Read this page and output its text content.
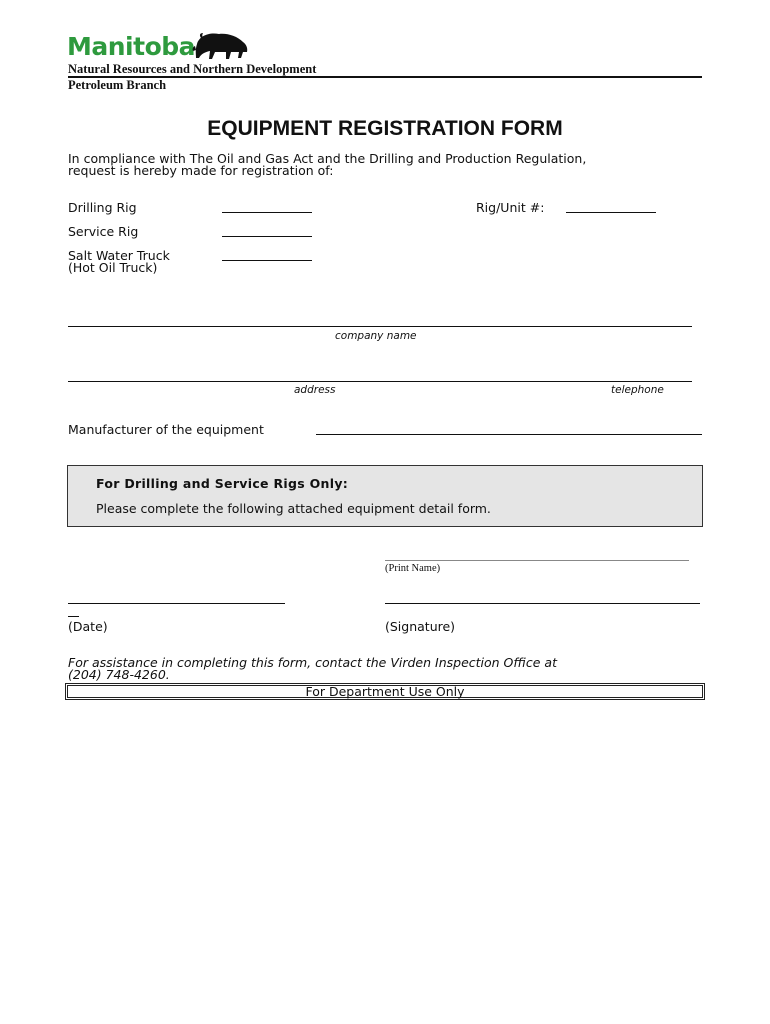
Manitoba
Natural Resources and Northern Development
Petroleum Branch
EQUIPMENT REGISTRATION FORM
In compliance with The Oil and Gas Act and the Drilling and Production Regulation,
request is hereby made for registration of:
Drilling Rig	Rig/Unit #:
Service Rig
Salt Water Truck
(Hot Oil Truck)
company name
address	telephone
Manufacturer of the equipment
For Drilling and Service Rigs Only:
Please complete the following attached equipment detail form.
(Print Name)
(Date)	(Signature)
For assistance in completing this form, contact the Virden Inspection Office at
(204) 748-4260.
For Department Use Only
